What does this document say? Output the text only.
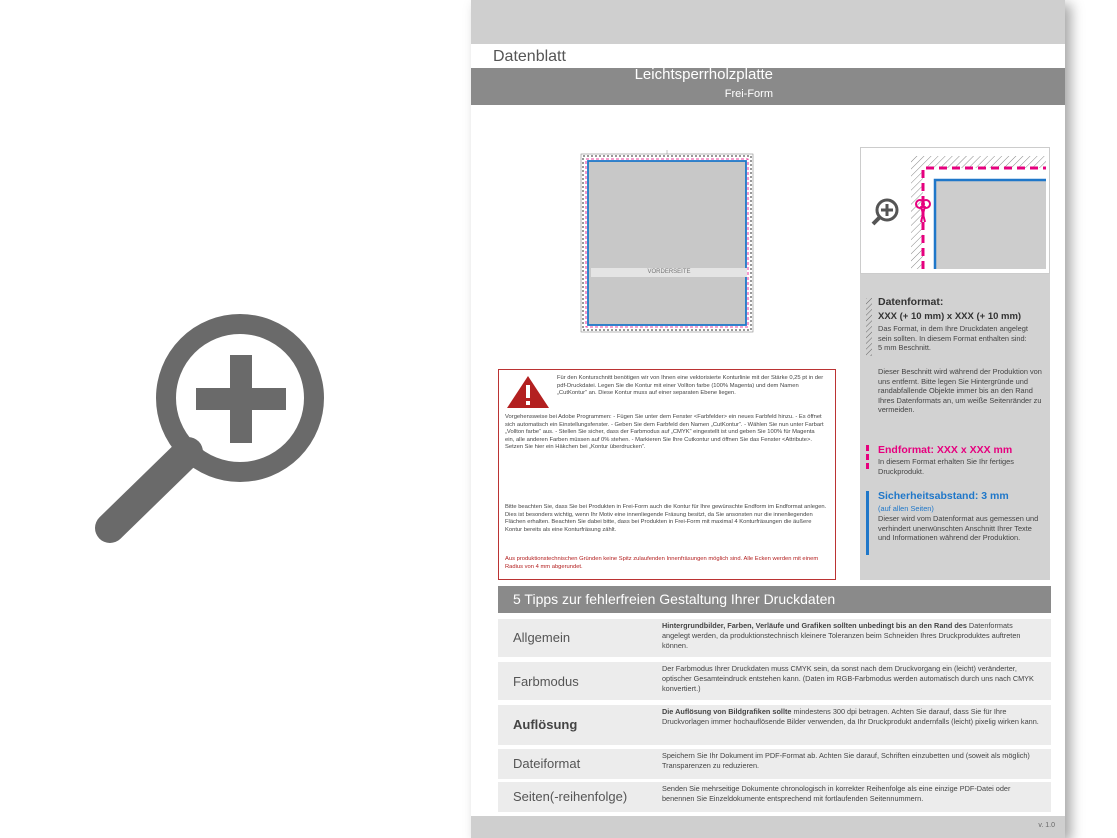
Datenblatt
Leichtsperrholzplatte
Frei-Form
VORDERSEITE
Für den Konturschnitt benötigen wir von Ihnen eine vektorisierte Konturlinie mit der Stärke 0,25 pt in der pdf-Druckdatei. Legen Sie die Kontur mit einer Vollton farbe (100% Magenta) und dem Namen „CutKontur“ an. Diese Kontur muss auf einer separaten Ebene liegen.
Vorgehensweise bei Adobe Programmen: - Fügen Sie unter dem Fenster <Farbfelder> ein neues Farbfeld hinzu. - Es öffnet sich automatisch ein Einstellungsfenster. - Geben Sie dem Farbfeld den Namen „CutKontur“. - Wählen Sie nun unter Farbart „Vollton farbe“ aus. - Stellen Sie sicher, dass der Farbmodus auf „CMYK“ eingestellt ist und geben Sie 100% für Magenta ein, alle anderen Farben müssen auf 0% stehen. - Markieren Sie Ihre Cutkontur und öffnen Sie das Fenster <Attribute>. Setzen Sie hier ein Häkchen bei „Kontur überdrucken“.
Bitte beachten Sie, dass Sie bei Produkten in Frei-Form auch die Kontur für Ihre gewünschte Endform im Endformat anlegen. Dies ist besonders wichtig, wenn Ihr Motiv eine innenliegende Fräsung besitzt, da Sie ansonsten nur die innenliegenden Flächen erhalten. Beachten Sie dabei bitte, dass bei Produkten in Frei-Form mit maximal 4 Konturfräsungen die äußere Kontur bereits als eine Konturfräsung zählt.
Aus produktionstechnischen Gründen keine Spitz zulaufenden Innenfräsungen möglich sind. Alle Ecken werden mit einem Radius von 4 mm abgerundet.
Datenformat:
XXX (+ 10 mm) x XXX (+ 10 mm)
Das Format, in dem Ihre Druckdaten angelegt sein sollten. In diesem Format enthalten sind: 5 mm Beschnitt.
Dieser Beschnitt wird während der Produktion von uns entfernt. Bitte legen Sie Hintergründe und randabfallende Objekte immer bis an den Rand Ihres Datenformats an, um weiße Seitenränder zu vermeiden.
Endformat: XXX x XXX mm
In diesem Format erhalten Sie Ihr fertiges Druckprodukt.
Sicherheitsabstand: 3 mm
(auf allen Seiten)
Dieser wird vom Datenformat aus gemessen und verhindert unerwünschten Anschnitt Ihrer Texte und Informationen während der Produktion.
5 Tipps zur fehlerfreien Gestaltung Ihrer Druckdaten
Allgemein
Hintergrundbilder, Farben, Verläufe und Grafiken sollten unbedingt bis an den Rand des Datenformats angelegt werden, da produktionstechnisch kleinere Toleranzen beim Schneiden Ihres Druckproduktes auftreten können.
Farbmodus
Der Farbmodus Ihrer Druckdaten muss CMYK sein, da sonst nach dem Druckvorgang ein (leicht) veränderter, optischer Gesamteindruck entstehen kann. (Daten im RGB-Farbmodus werden automatisch durch uns nach CMYK konvertiert.)
Auflösung
Die Auflösung von Bildgrafiken sollte mindestens 300 dpi betragen. Achten Sie darauf, dass Sie für Ihre Druckvorlagen immer hochauflösende Bilder verwenden, da Ihr Druckprodukt andernfalls (leicht) pixelig wirken kann.
Dateiformat
Speichern Sie Ihr Dokument im PDF-Format ab. Achten Sie darauf, Schriften einzubetten und (soweit als möglich) Transparenzen zu reduzieren.
Seiten(-reihenfolge)
Senden Sie mehrseitige Dokumente chronologisch in korrekter Reihenfolge als eine einzige PDF-Datei oder benennen Sie Einzeldokumente entsprechend mit fortlaufenden Seitennummern.
v. 1.0
